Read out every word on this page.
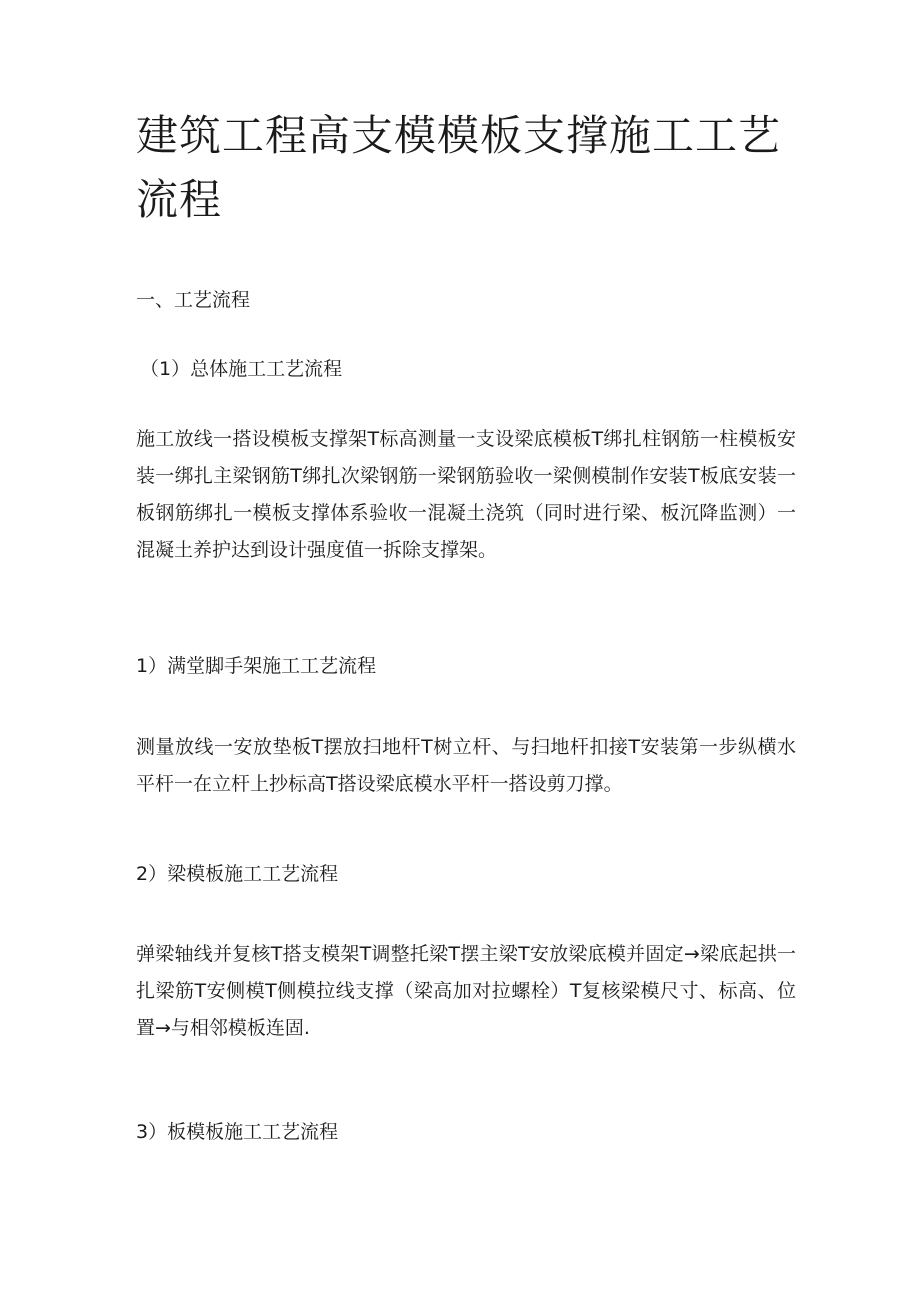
建筑工程高支模模板支撑施工工艺流程
一、工艺流程
（1）总体施工工艺流程

施工放线一搭设模板支撑架T标高测量一支设梁底模板T绑扎柱钢筋一柱模板安装一绑扎主梁钢筋T绑扎次梁钢筋一梁钢筋验收一梁侧模制作安装T板底安装一板钢筋绑扎一模板支撑体系验收一混凝土浇筑（同时进行梁、板沉降监测）一混凝土养护达到设计强度值一拆除支撑架。

1）满堂脚手架施工工艺流程

测量放线一安放垫板T摆放扫地杆T树立杆、与扫地杆扣接T安装第一步纵横水平杆一在立杆上抄标高T搭设梁底模水平杆一搭设剪刀撑。

2）梁模板施工工艺流程

弹梁轴线并复核T搭支模架T调整托梁T摆主梁T安放梁底模并固定→梁底起拱一扎梁筋T安侧模T侧模拉线支撑（梁高加对拉螺栓）T复核梁模尺寸、标高、位置→与相邻模板连固.

3）板模板施工工艺流程
